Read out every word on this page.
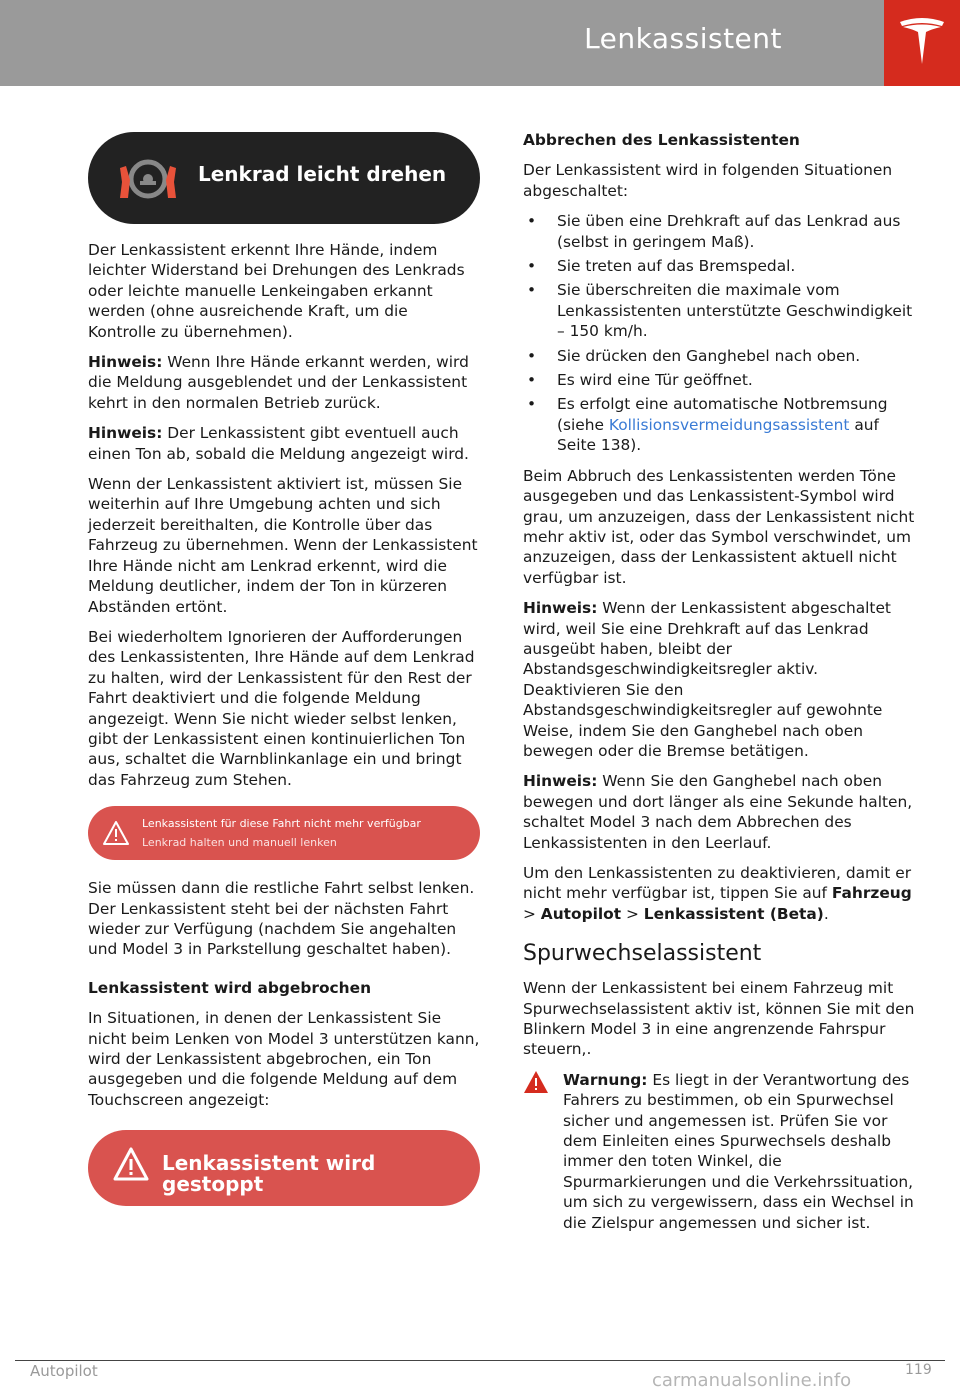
Lenkassistent
Lenkrad leicht drehen

Der Lenkassistent erkennt Ihre Hände, indem leichter Widerstand bei Drehungen des Lenkrads oder leichte manuelle Lenkeingaben erkannt werden (ohne ausreichende Kraft, um die Kontrolle zu übernehmen).

Hinweis: Wenn Ihre Hände erkannt werden, wird die Meldung ausgeblendet und der Lenkassistent kehrt in den normalen Betrieb zurück.

Hinweis: Der Lenkassistent gibt eventuell auch einen Ton ab, sobald die Meldung angezeigt wird.

Wenn der Lenkassistent aktiviert ist, müssen Sie weiterhin auf Ihre Umgebung achten und sich jederzeit bereithalten, die Kontrolle über das Fahrzeug zu übernehmen. Wenn der Lenkassistent Ihre Hände nicht am Lenkrad erkennt, wird die Meldung deutlicher, indem der Ton in kürzeren Abständen ertönt.

Bei wiederholtem Ignorieren der Aufforderungen des Lenkassistenten, Ihre Hände auf dem Lenkrad zu halten, wird der Lenkassistent für den Rest der Fahrt deaktiviert und die folgende Meldung angezeigt. Wenn Sie nicht wieder selbst lenken, gibt der Lenkassistent einen kontinuierlichen Ton aus, schaltet die Warnblinkanlage ein und bringt das Fahrzeug zum Stehen.

Lenkassistent für diese Fahrt nicht mehr verfügbar
Lenkrad halten und manuell lenken

Sie müssen dann die restliche Fahrt selbst lenken. Der Lenkassistent steht bei der nächsten Fahrt wieder zur Verfügung (nachdem Sie angehalten und Model 3 in Parkstellung geschaltet haben).

Lenkassistent wird abgebrochen

In Situationen, in denen der Lenkassistent Sie nicht beim Lenken von Model 3 unterstützen kann, wird der Lenkassistent abgebrochen, ein Ton ausgegeben und die folgende Meldung auf dem Touchscreen angezeigt:

Lenkassistent wird gestoppt
Abbrechen des Lenkassistenten

Der Lenkassistent wird in folgenden Situationen abgeschaltet:

• Sie üben eine Drehkraft auf das Lenkrad aus (selbst in geringem Maß).
• Sie treten auf das Bremspedal.
• Sie überschreiten die maximale vom Lenkassistenten unterstützte Geschwindigkeit – 150 km/h.
• Sie drücken den Ganghebel nach oben.
• Es wird eine Tür geöffnet.
• Es erfolgt eine automatische Notbremsung (siehe Kollisionsvermeidungsassistent auf Seite 138).

Beim Abbruch des Lenkassistenten werden Töne ausgegeben und das Lenkassistent-Symbol wird grau, um anzuzeigen, dass der Lenkassistent nicht mehr aktiv ist, oder das Symbol verschwindet, um anzuzeigen, dass der Lenkassistent aktuell nicht verfügbar ist.

Hinweis: Wenn der Lenkassistent abgeschaltet wird, weil Sie eine Drehkraft auf das Lenkrad ausgeübt haben, bleibt der Abstandsgeschwindigkeitsregler aktiv. Deaktivieren Sie den Abstandsgeschwindigkeitsregler auf gewohnte Weise, indem Sie den Ganghebel nach oben bewegen oder die Bremse betätigen.

Hinweis: Wenn Sie den Ganghebel nach oben bewegen und dort länger als eine Sekunde halten, schaltet Model 3 nach dem Abbrechen des Lenkassistenten in den Leerlauf.

Um den Lenkassistenten zu deaktivieren, damit er nicht mehr verfügbar ist, tippen Sie auf Fahrzeug > Autopilot > Lenkassistent (Beta).

Spurwechselassistent

Wenn der Lenkassistent bei einem Fahrzeug mit Spurwechselassistent aktiv ist, können Sie mit den Blinkern Model 3 in eine angrenzende Fahrspur steuern,.

Warnung: Es liegt in der Verantwortung des Fahrers zu bestimmen, ob ein Spurwechsel sicher und angemessen ist. Prüfen Sie vor dem Einleiten eines Spurwechsels deshalb immer den toten Winkel, die Spurmarkierungen und die Verkehrssituation, um sich zu vergewissern, dass ein Wechsel in die Zielspur angemessen und sicher ist.
Autopilot	119
carmanualsonline.info
